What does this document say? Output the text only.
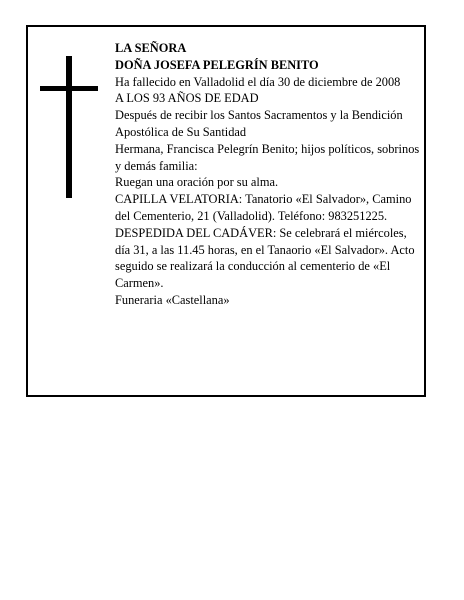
LA SEÑORA

DOÑA JOSEFA PELEGRÍN BENITO

Ha fallecido en Valladolid el día 30 de diciembre de 2008

A LOS 93 AÑOS DE EDAD

Después de recibir los Santos Sacramentos y la Bendición Apostólica de Su Santidad

Hermana, Francisca Pelegrín Benito; hijos políticos, sobrinos y demás familia:

Ruegan una oración por su alma.

CAPILLA VELATORIA: Tanatorio «El Salvador», Camino del Cementerio, 21 (Valladolid). Teléfono: 983251225.

DESPEDIDA DEL CADÁVER: Se celebrará el miércoles, día 31, a las 11.45 horas, en el Tanaorio «El Salvador». Acto seguido se realizará la conducción al cementerio de «El Carmen».

Funeraria «Castellana»
